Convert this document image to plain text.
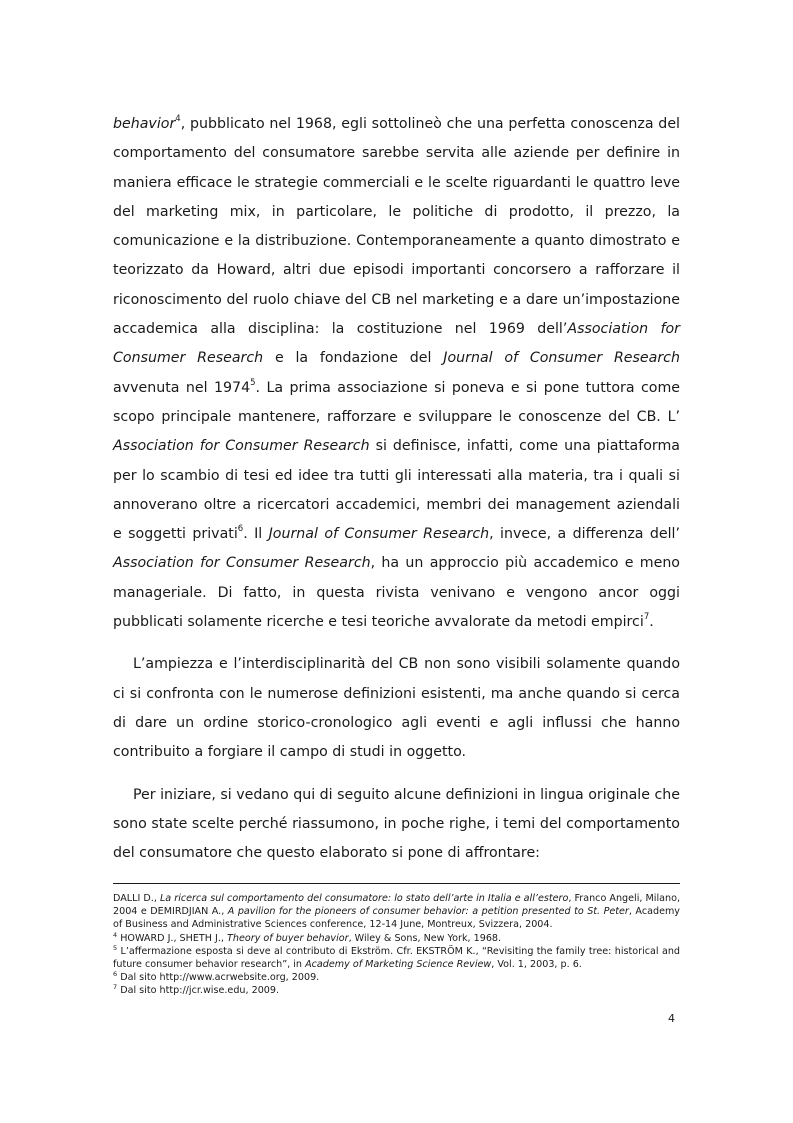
behavior$^4$, pubblicato nel 1968, egli sottolineò che una perfetta conoscenza del comportamento del consumatore sarebbe servita alle aziende per definire in maniera efficace le strategie commerciali e le scelte riguardanti le quattro leve del marketing mix, in particolare, le politiche di prodotto, il prezzo, la comunicazione e la distribuzione. Contemporaneamente a quanto dimostrato e teorizzato da Howard, altri due episodi importanti concorsero a rafforzare il riconoscimento del ruolo chiave del CB nel marketing e a dare un’impostazione accademica alla disciplina: la costituzione nel 1969 dell’Association for Consumer Research e la fondazione del Journal of Consumer Research avvenuta nel 1974$^5$. La prima associazione si poneva e si pone tuttora come scopo principale mantenere, rafforzare e sviluppare le conoscenze del CB. L’ Association for Consumer Research si definisce, infatti, come una piattaforma per lo scambio di tesi ed idee tra tutti gli interessati alla materia, tra i quali si annoverano oltre a ricercatori accademici, membri dei management aziendali e soggetti privati$^6$. Il Journal of Consumer Research, invece, a differenza dell’ Association for Consumer Research, ha un approccio più accademico e meno manageriale. Di fatto, in questa rivista venivano e vengono ancor oggi pubblicati solamente ricerche e tesi teoriche avvalorate da metodi empirci$^7$.

L’ampiezza e l’interdisciplinarità del CB non sono visibili solamente quando ci si confronta con le numerose definizioni esistenti, ma anche quando si cerca di dare un ordine storico-cronologico agli eventi e agli influssi che hanno contribuito a forgiare il campo di studi in oggetto.

Per iniziare, si vedano qui di seguito alcune definizioni in lingua originale che sono state scelte perché riassumono, in poche righe, i temi del comportamento del consumatore che questo elaborato si pone di affrontare:

DALLI D., La ricerca sul comportamento del consumatore: lo stato dell’arte in Italia e all’estero, Franco Angeli, Milano, 2004 e DEMIRDJIAN A., A pavilion for the pioneers of consumer behavior: a petition presented to St. Peter, Academy of Business and Administrative Sciences conference, 12-14 June, Montreux, Svizzera, 2004.

$^4$ HOWARD J., SHETH J., Theory of buyer behavior, Wiley & Sons, New York, 1968.

$^5$ L’affermazione esposta si deve al contributo di Ekström. Cfr. EKSTRÖM K., “Revisiting the family tree: historical and future consumer behavior research”, in Academy of Marketing Science Review, Vol. 1, 2003, p. 6.

$^6$ Dal sito http://www.acrwebsite.org, 2009.

$^7$ Dal sito http://jcr.wise.edu, 2009.

4
